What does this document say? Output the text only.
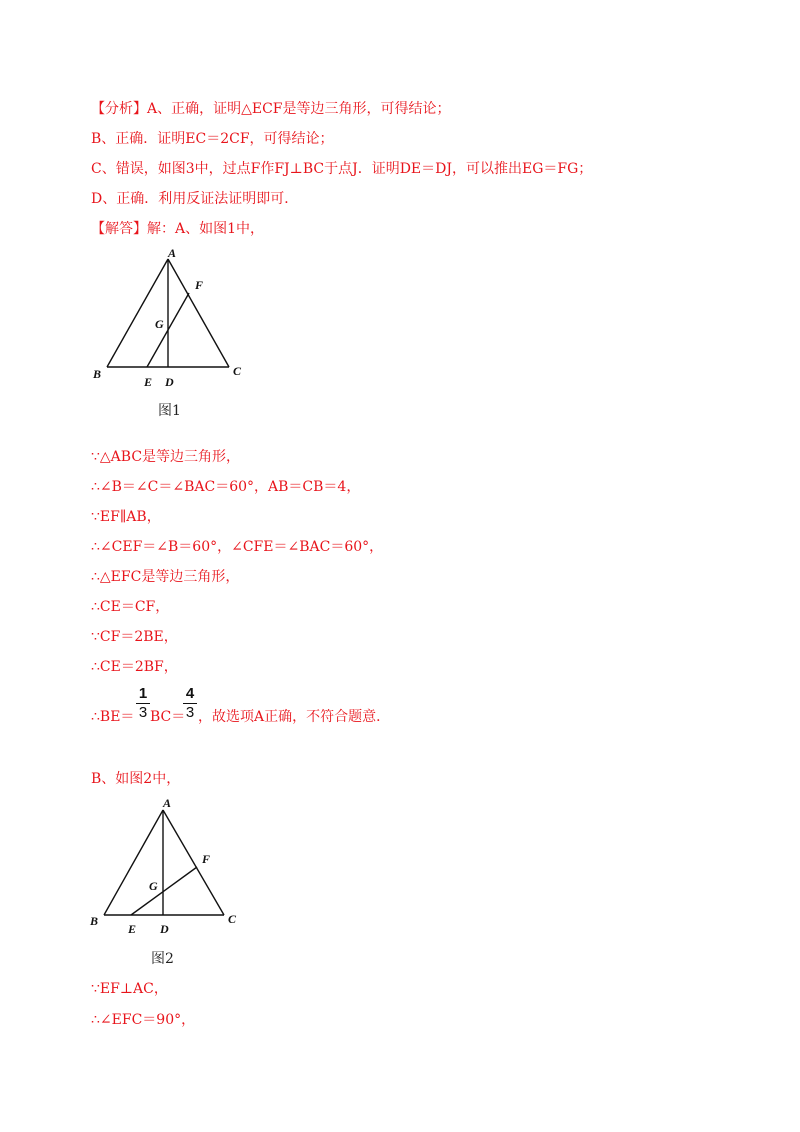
【分析】A、正确，证明△ECF是等边三角形，可得结论；
B、正确．证明EC＝2CF，可得结论；
C、错误，如图3中，过点F作FJ⊥BC于点J．证明DE＝DJ，可以推出EG＝FG；
D、正确．利用反证法证明即可．
【解答】解：A、如图1中，
A
F
G
B
E D
C
图1
∵△ABC是等边三角形，
∴∠B＝∠C＝∠BAC＝60°，AB＝CB＝4，
∵EF∥AB，
∴∠CEF＝∠B＝60°，∠CFE＝∠BAC＝60°，
∴△EFC是等边三角形，
∴CE＝CF，
∵CF＝2BE，
∴CE＝2BF，
∴BE＝
1
3 BC＝
4
3 ，故选项A正确，不符合题意．
B、如图2中，
A
F
G
B
E D
C
图2
∵EF⊥AC，
∴∠EFC＝90°，
